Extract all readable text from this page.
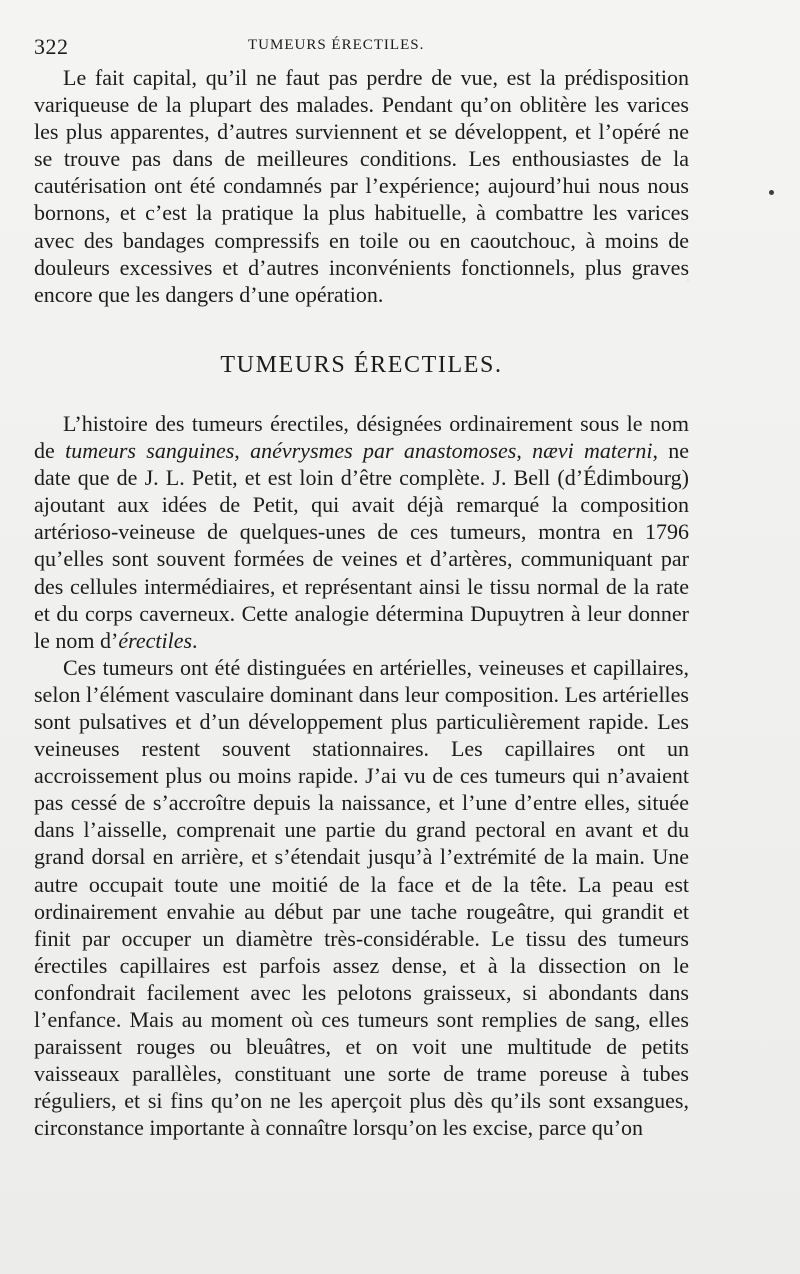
322	TUMEURS ÉRECTILES.

Le fait capital, qu’il ne faut pas perdre de vue, est la prédisposition variqueuse de la plupart des malades. Pendant qu’on oblitère les varices les plus apparentes, d’autres surviennent et se développent, et l’opéré ne se trouve pas dans de meilleures conditions. Les enthousiastes de la cautérisation ont été condamnés par l’expérience; aujourd’hui nous nous bornons, et c’est la pratique la plus habituelle, à combattre les varices avec des bandages compressifs en toile ou en caoutchouc, à moins de douleurs excessives et d’autres inconvénients fonctionnels, plus graves encore que les dangers d’une opération.

TUMEURS ÉRECTILES.

L’histoire des tumeurs érectiles, désignées ordinairement sous le nom de tumeurs sanguines, anévrysmes par anastomoses, nævi materni, ne date que de J. L. Petit, et est loin d’être complète. J. Bell (d’Édimbourg) ajoutant aux idées de Petit, qui avait déjà remarqué la composition artérioso-veineuse de quelques-unes de ces tumeurs, montra en 1796 qu’elles sont souvent formées de veines et d’artères, communiquant par des cellules intermédiaires, et représentant ainsi le tissu normal de la rate et du corps caverneux. Cette analogie détermina Dupuytren à leur donner le nom d’érectiles.

Ces tumeurs ont été distinguées en artérielles, veineuses et capillaires, selon l’élément vasculaire dominant dans leur composition. Les artérielles sont pulsatives et d’un développement plus particulièrement rapide. Les veineuses restent souvent stationnaires. Les capillaires ont un accroissement plus ou moins rapide. J’ai vu de ces tumeurs qui n’avaient pas cessé de s’accroître depuis la naissance, et l’une d’entre elles, située dans l’aisselle, comprenait une partie du grand pectoral en avant et du grand dorsal en arrière, et s’étendait jusqu’à l’extrémité de la main. Une autre occupait toute une moitié de la face et de la tête. La peau est ordinairement envahie au début par une tache rougeâtre, qui grandit et finit par occuper un diamètre très-considérable. Le tissu des tumeurs érectiles capillaires est parfois assez dense, et à la dissection on le confondrait facilement avec les pelotons graisseux, si abondants dans l’enfance. Mais au moment où ces tumeurs sont remplies de sang, elles paraissent rouges ou bleuâtres, et on voit une multitude de petits vaisseaux parallèles, constituant une sorte de trame poreuse à tubes réguliers, et si fins qu’on ne les aperçoit plus dès qu’ils sont exsangues, circonstance importante à connaître lorsqu’on les excise, parce qu’on
